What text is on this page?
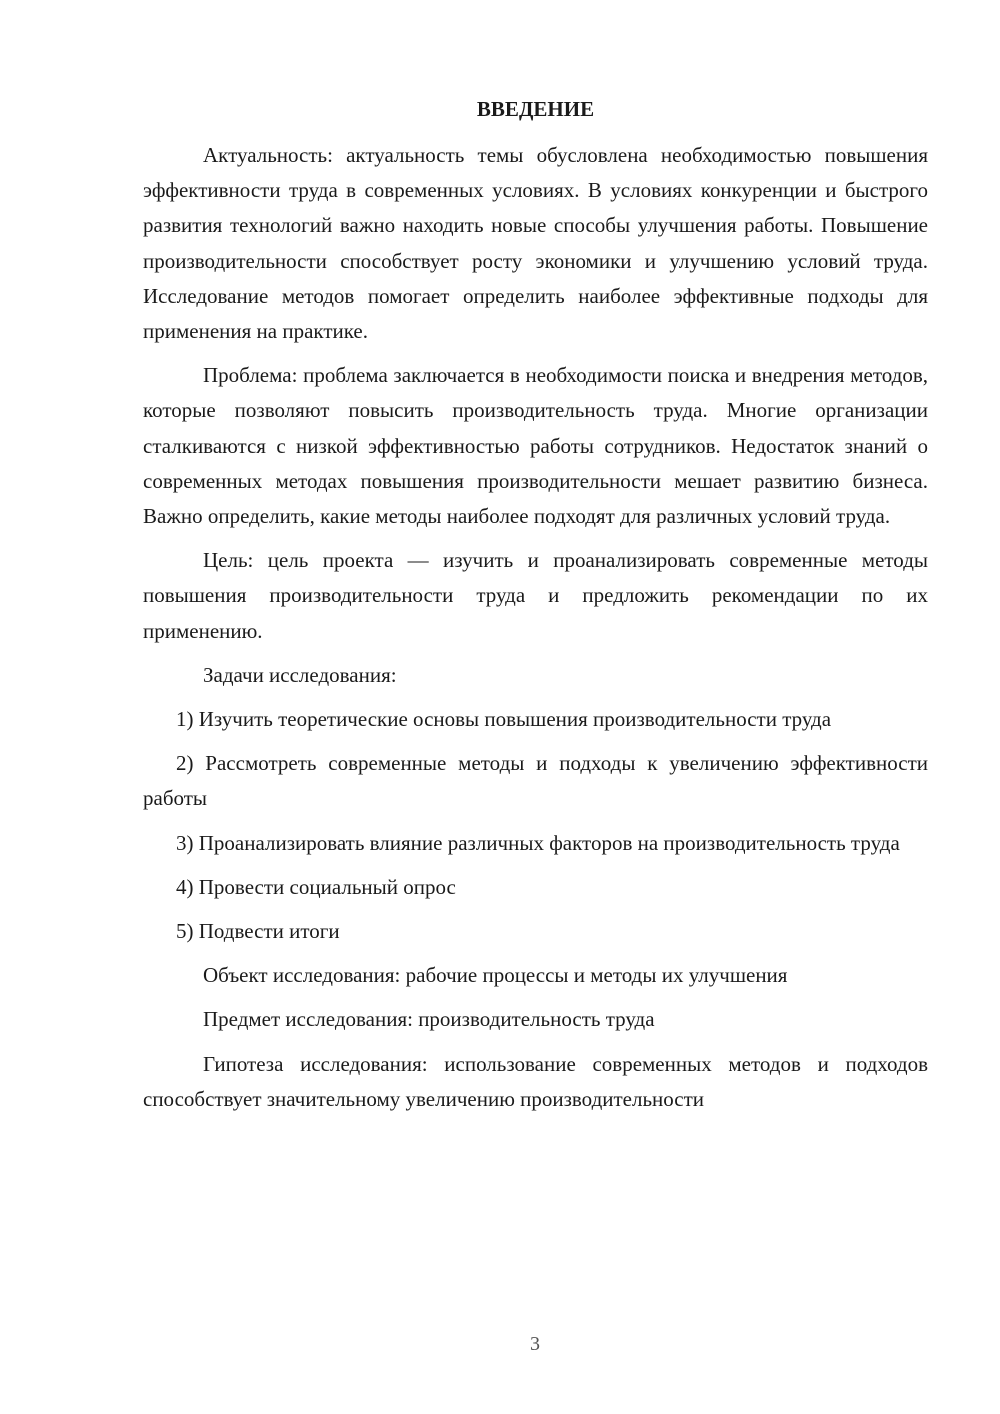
ВВЕДЕНИЕ

Актуальность: актуальность темы обусловлена необходимостью повышения эффективности труда в современных условиях. В условиях конкуренции и быстрого развития технологий важно находить новые способы улучшения работы. Повышение производительности способствует росту экономики и улучшению условий труда. Исследование методов помогает определить наиболее эффективные подходы для применения на практике.

Проблема: проблема заключается в необходимости поиска и внедрения методов, которые позволяют повысить производительность труда. Многие организации сталкиваются с низкой эффективностью работы сотрудников. Недостаток знаний о современных методах повышения производительности мешает развитию бизнеса. Важно определить, какие методы наиболее подходят для различных условий труда.

Цель: цель проекта — изучить и проанализировать современные методы повышения производительности труда и предложить рекомендации по их применению.

Задачи исследования:

1) Изучить теоретические основы повышения производительности труда

2) Рассмотреть современные методы и подходы к увеличению эффективности работы

3) Проанализировать влияние различных факторов на производительность труда

4) Провести социальный опрос

5) Подвести итоги

Объект исследования: рабочие процессы и методы их улучшения

Предмет исследования: производительность труда

Гипотеза исследования: использование современных методов и подходов способствует значительному увеличению производительности

3
